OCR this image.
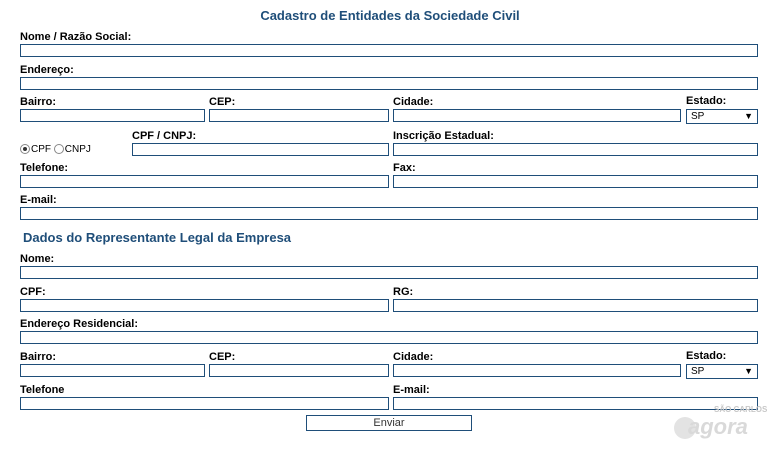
Cadastro de Entidades da Sociedade Civil
Nome / Razão Social:
Endereço:
Bairro:	CEP:	Cidade:	Estado:
SP	▼
CPF / CNPJ:	Inscrição Estadual:
CPF CNPJ
Telefone:	Fax:
E-mail:
Dados do Representante Legal da Empresa
Nome:
CPF:	RG:
Endereço Residencial:
Bairro:	CEP:	Cidade:	Estado:
SP	▼
Telefone	E-mail:
Enviar
SÃO CARLOS
agora
